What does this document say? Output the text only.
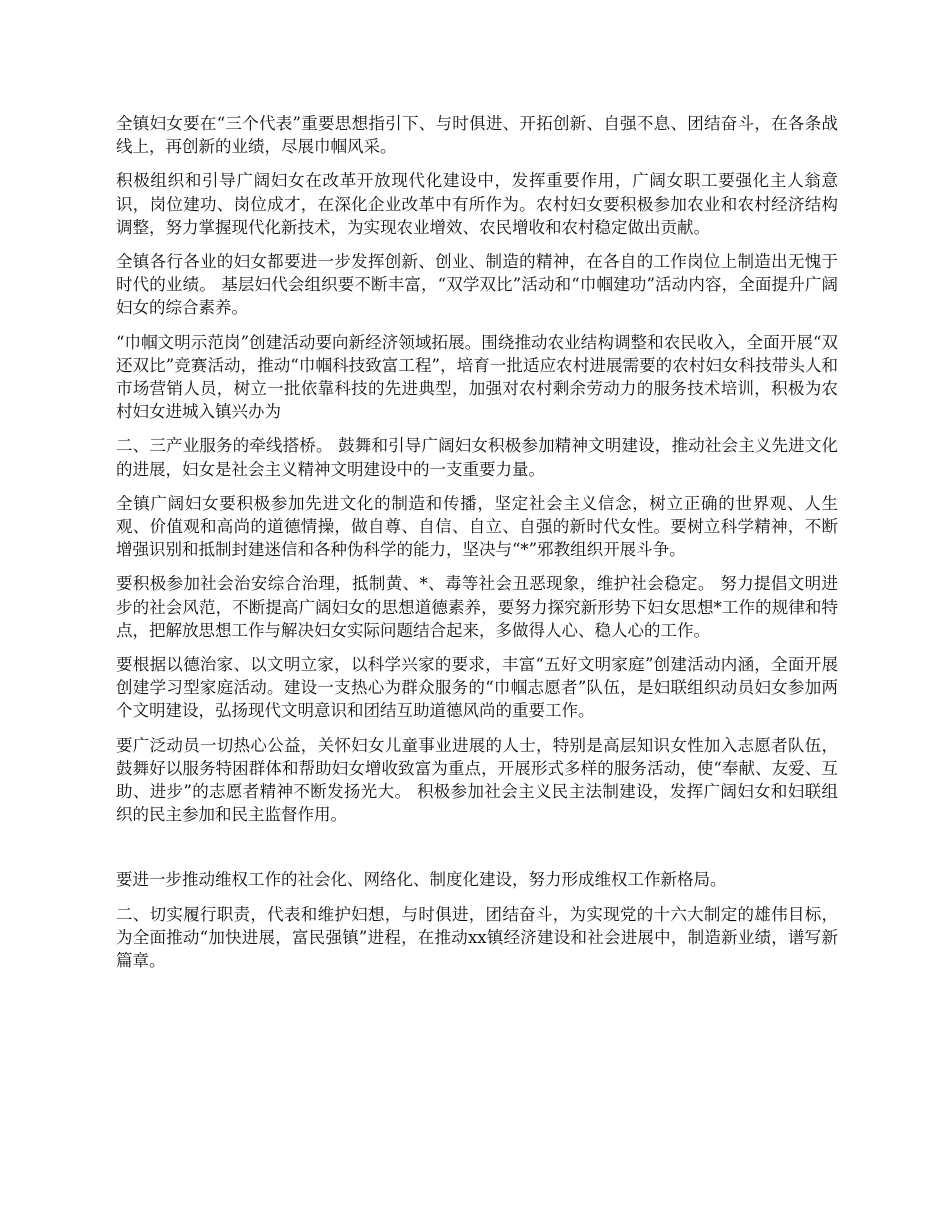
全镇妇女要在“三个代表”重要思想指引下、与时俱进、开拓创新、自强不息、团结奋斗，在各条战线上，再创新的业绩，尽展巾帼风采。

积极组织和引导广阔妇女在改革开放现代化建设中，发挥重要作用，广阔女职工要强化主人翁意识，岗位建功、岗位成才，在深化企业改革中有所作为。农村妇女要积极参加农业和农村经济结构调整，努力掌握现代化新技术，为实现农业增效、农民增收和农村稳定做出贡献。

全镇各行各业的妇女都要进一步发挥创新、创业、制造的精神，在各自的工作岗位上制造出无愧于时代的业绩。 基层妇代会组织要不断丰富，“双学双比”活动和“巾帼建功”活动内容，全面提升广阔妇女的综合素养。

“巾帼文明示范岗”创建活动要向新经济领域拓展。围绕推动农业结构调整和农民收入，全面开展“双还双比”竞赛活动，推动“巾帼科技致富工程”，培育一批适应农村进展需要的农村妇女科技带头人和市场营销人员，树立一批依靠科技的先进典型，加强对农村剩余劳动力的服务技术培训，积极为农村妇女进城入镇兴办为

二、三产业服务的牵线搭桥。 鼓舞和引导广阔妇女积极参加精神文明建设，推动社会主义先进文化的进展，妇女是社会主义精神文明建设中的一支重要力量。

全镇广阔妇女要积极参加先进文化的制造和传播，坚定社会主义信念，树立正确的世界观、人生观、价值观和高尚的道德情操，做自尊、自信、自立、自强的新时代女性。要树立科学精神，不断增强识别和抵制封建迷信和各种伪科学的能力，坚决与“*”邪教组织开展斗争。

要积极参加社会治安综合治理，抵制黄、*、毒等社会丑恶现象，维护社会稳定。 努力提倡文明进步的社会风范，不断提高广阔妇女的思想道德素养，要努力探究新形势下妇女思想*工作的规律和特点，把解放思想工作与解决妇女实际问题结合起来，多做得人心、稳人心的工作。

要根据以德治家、以文明立家，以科学兴家的要求，丰富“五好文明家庭”创建活动内涵，全面开展创建学习型家庭活动。建设一支热心为群众服务的“巾帼志愿者”队伍，是妇联组织动员妇女参加两个文明建设，弘扬现代文明意识和团结互助道德风尚的重要工作。

要广泛动员一切热心公益，关怀妇女儿童事业进展的人士，特别是高层知识女性加入志愿者队伍，鼓舞好以服务特困群体和帮助妇女增收致富为重点，开展形式多样的服务活动，使“奉献、友爱、互助、进步”的志愿者精神不断发扬光大。 积极参加社会主义民主法制建设，发挥广阔妇女和妇联组织的民主参加和民主监督作用。

要进一步推动维权工作的社会化、网络化、制度化建设，努力形成维权工作新格局。

二、切实履行职责，代表和维护妇想，与时俱进，团结奋斗，为实现党的十六大制定的雄伟目标，为全面推动“加快进展，富民强镇”进程，在推动xx镇经济建设和社会进展中，制造新业绩，谱写新篇章。
